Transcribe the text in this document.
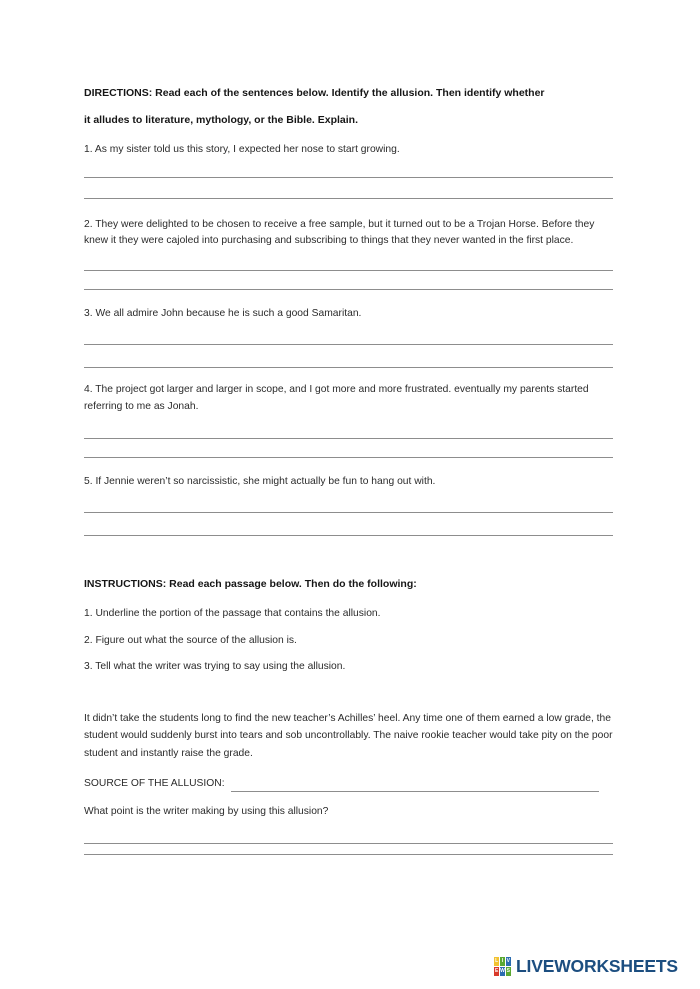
DIRECTIONS: Read each of the sentences below. Identify the allusion. Then identify whether
it alludes to literature, mythology, or the Bible. Explain.
1. As my sister told us this story, I expected her nose to start growing.
2. They were delighted to be chosen to receive a free sample, but it turned out to be a Trojan Horse. Before they knew it they were cajoled into purchasing and subscribing to things that they never wanted in the first place.
3. We all admire John because he is such a good Samaritan.
4. The project got larger and larger in scope, and I got more and more frustrated. eventually my parents started referring to me as Jonah.
5. If Jennie weren’t so narcissistic, she might actually be fun to hang out with.
INSTRUCTIONS: Read each passage below. Then do the following:
1. Underline the portion of the passage that contains the allusion.
2. Figure out what the source of the allusion is.
3. Tell what the writer was trying to say using the allusion.
It didn’t take the students long to find the new teacher’s Achilles’ heel. Any time one of them earned a low grade, the student would suddenly burst into tears and sob uncontrollably. The naive rookie teacher would take pity on the poor student and instantly raise the grade.
SOURCE OF THE ALLUSION:
What point is the writer making by using this allusion?
L I V
E W S LIVEWORKSHEETS
